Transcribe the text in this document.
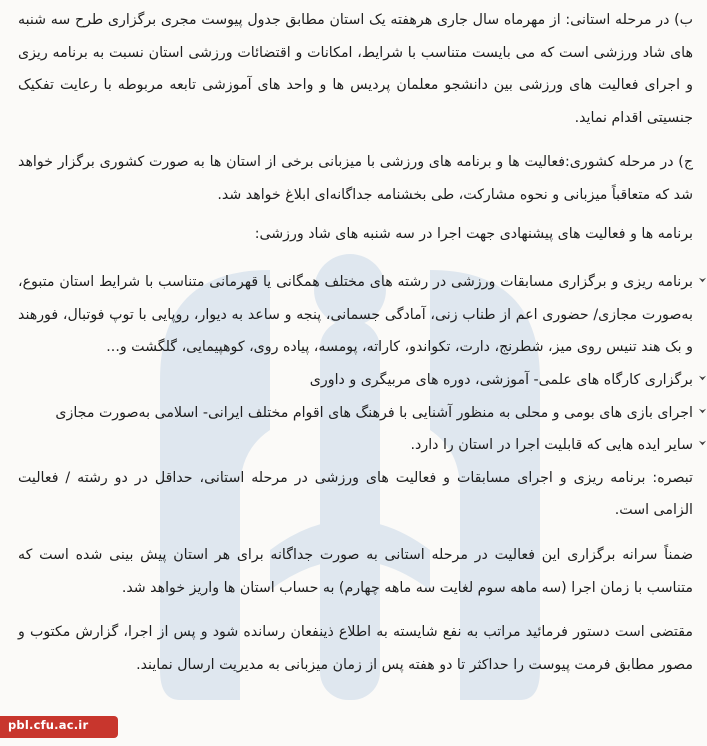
ب) در مرحله استانی: از مهرماه سال جاری هرهفته یک استان مطابق جدول پیوست مجری برگزاری طرح سه شنبه های شاد ورزشی است که می بایست متناسب با شرایط، امکانات و اقتضائات ورزشی استان نسبت به برنامه ریزی و اجرای فعالیت های ورزشی بین دانشجو معلمان پردیس ها و واحد های آموزشی تابعه مربوطه با رعایت تفکیک جنسیتی اقدام نماید.

ج) در مرحله کشوری:فعالیت ها و برنامه های ورزشی با میزبانی برخی از استان ها به صورت کشوری برگزار خواهد شد که متعاقباً میزبانی و نحوه مشارکت، طی بخشنامه جداگانه‌ای ابلاغ خواهد شد.

برنامه ها و فعالیت های پیشنهادی جهت اجرا در سه شنبه های شاد ورزشی:

برنامه ریزی و برگزاری مسابقات ورزشی در رشته های مختلف همگانی یا قهرمانی متناسب با شرایط استان متبوع، به‌صورت مجازی/ حضوری اعم از طناب زنی، آمادگی جسمانی، پنجه و ساعد به دیوار، روپایی با توپ فوتبال، فورهند و بک هند تنیس روی میز، شطرنج، دارت، تکواندو، کاراته، پومسه، پیاده روی، کوهپیمایی، گلگشت و...
برگزاری کارگاه های علمی- آموزشی، دوره های مربیگری و داوری
اجرای بازی های بومی و محلی به منظور آشنایی با فرهنگ های اقوام مختلف ایرانی- اسلامی به‌صورت مجازی
سایر ایده هایی که قابلیت اجرا در استان را دارد.

تبصره: برنامه ریزی و اجرای مسابقات و فعالیت های ورزشی در مرحله استانی، حداقل در دو رشته / فعالیت الزامی است.

ضمناً سرانه برگزاری این فعالیت در مرحله استانی به صورت جداگانه برای هر استان پیش بینی شده است که متناسب با زمان اجرا (سه ماهه سوم لغایت سه ماهه چهارم) به حساب استان ها واریز خواهد شد.

مقتضی است دستور فرمائید مراتب به نفع شایسته به اطلاع ذینفعان رسانده شود و پس از اجرا، گزارش مکتوب و مصور مطابق فرمت پیوست را حداکثر تا دو هفته پس از زمان میزبانی به مدیریت ارسال نمایند.

pbl.cfu.ac.ir
